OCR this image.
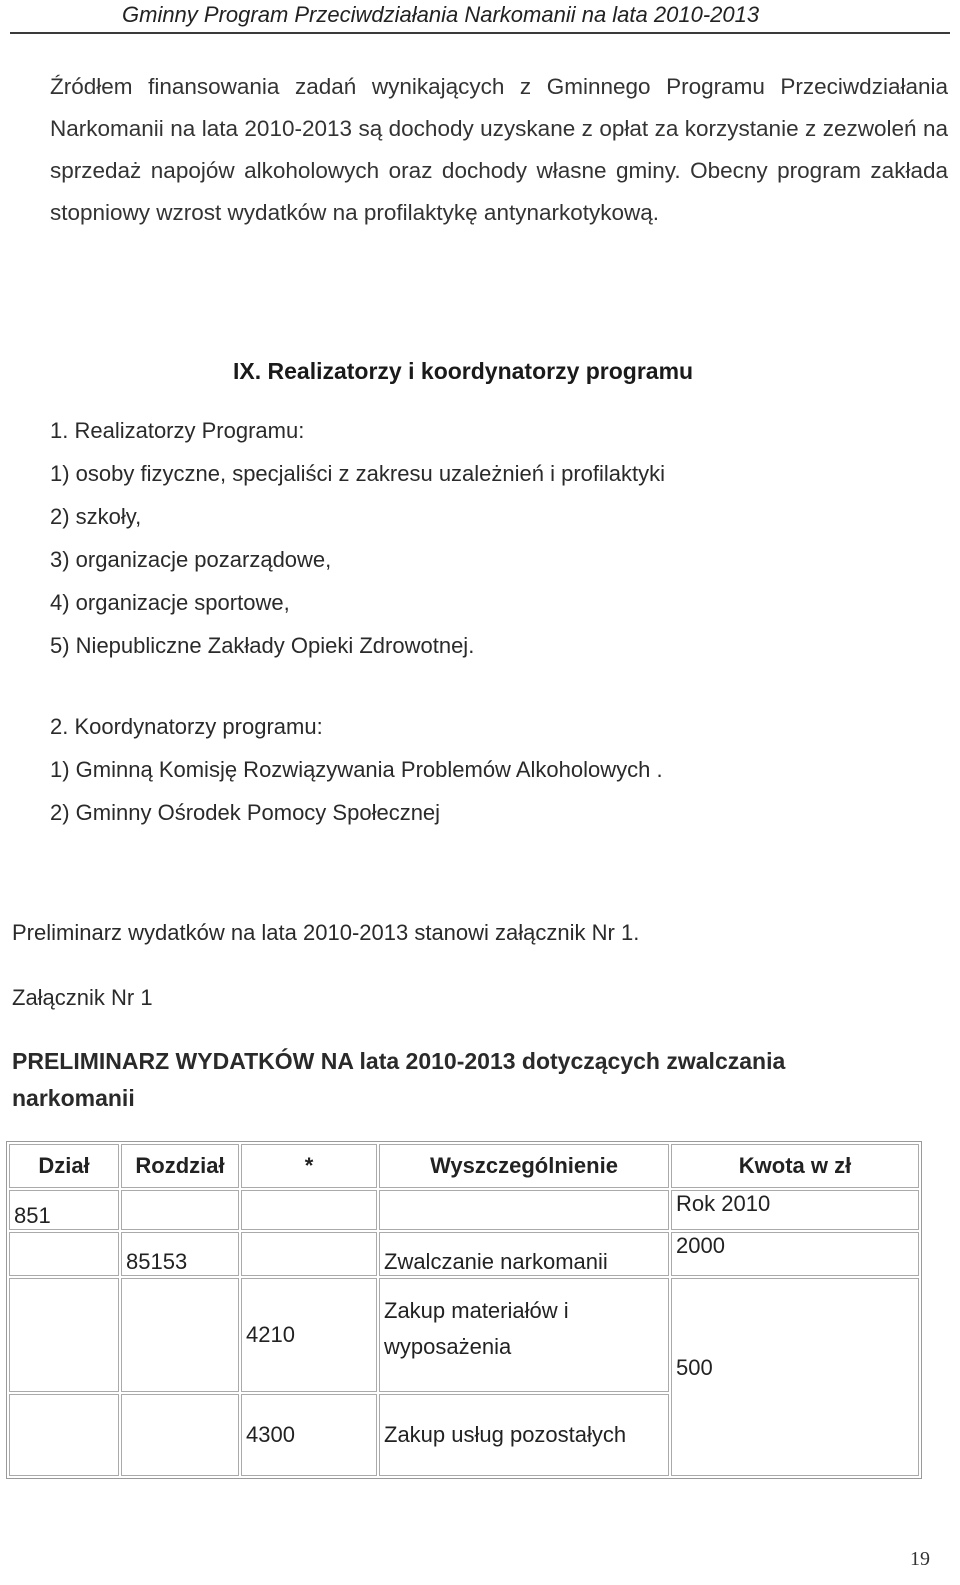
Gminny Program Przeciwdziałania Narkomanii na lata 2010-2013
Źródłem finansowania zadań wynikających z Gminnego Programu Przeciwdziałania Narkomanii na lata 2010-2013 są dochody uzyskane z opłat za korzystanie z zezwoleń na sprzedaż napojów alkoholowych oraz dochody własne gminy. Obecny program zakłada stopniowy wzrost wydatków na profilaktykę antynarkotykową.
IX. Realizatorzy i koordynatorzy programu
1. Realizatorzy Programu:
1) osoby fizyczne, specjaliści z zakresu uzależnień i profilaktyki
2) szkoły,
3) organizacje pozarządowe,
4) organizacje sportowe,
5) Niepubliczne Zakłady Opieki Zdrowotnej.
2. Koordynatorzy programu:
1) Gminną Komisję Rozwiązywania Problemów Alkoholowych .
2) Gminny Ośrodek Pomocy Społecznej
Preliminarz wydatków na lata 2010-2013 stanowi załącznik Nr 1.
Załącznik Nr 1
PRELIMINARZ WYDATKÓW NA lata 2010-2013 dotyczących zwalczania
narkomanii
Dział	Rozdział	*	Wyszczególnienie	Kwota w zł
851				Rok 2010
	85153		Zwalczanie narkomanii	2000
		4210	Zakup materiałów i
wyposażenia	500
		4300	Zakup usług pozostałych	
19
